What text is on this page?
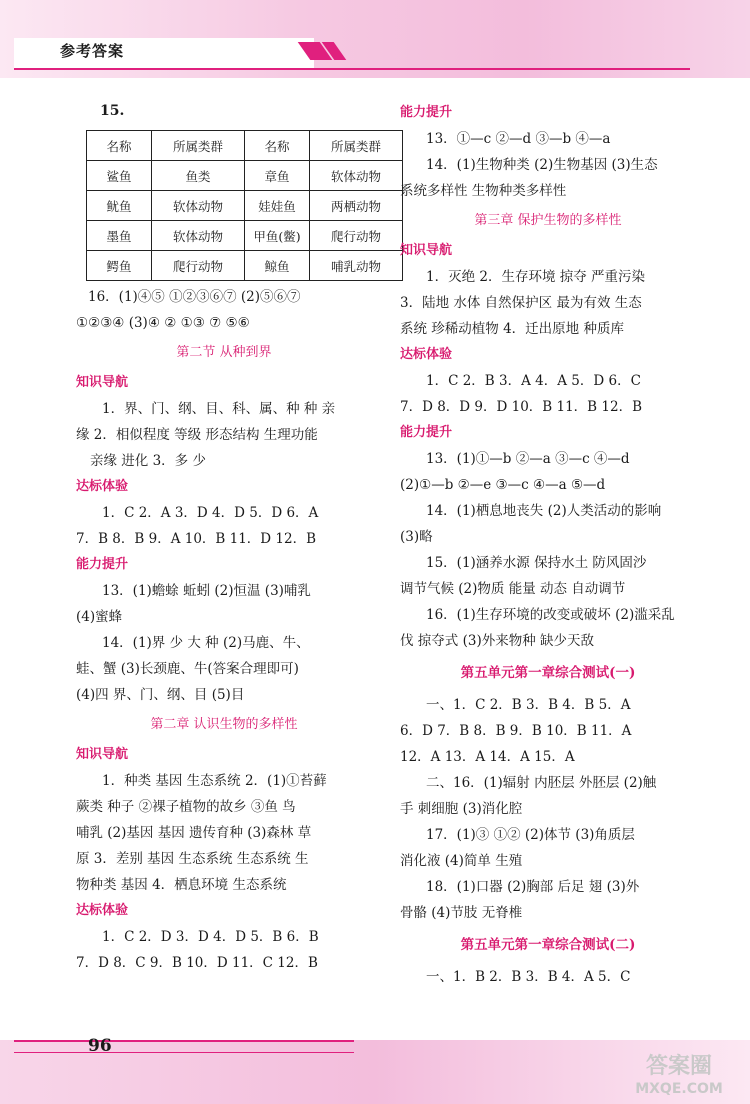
参考答案
15.
名称	所属类群	名称	所属类群
鲨鱼	鱼类	章鱼	软体动物
鱿鱼	软体动物	娃娃鱼	两栖动物
墨鱼	软体动物	甲鱼(鳖)	爬行动物
鳄鱼	爬行动物	鲸鱼	哺乳动物
16．(1)④⑤ ①②③⑥⑦ (2)⑤⑥⑦
①②③④ (3)④ ② ①③ ⑦ ⑤⑥
第二节 从种到界
知识导航
1．界、门、纲、目、科、属、种 种 亲
缘 2．相似程度 等级 形态结构 生理功能
亲缘 进化 3．多 少
达标体验
1．C 2．A 3．D 4．D 5．D 6．A
7．B 8．B 9．A 10．B 11．D 12．B
能力提升
13．(1)蟾蜍 蚯蚓 (2)恒温 (3)哺乳
(4)蜜蜂
14．(1)界 少 大 种 (2)马鹿、牛、
蛙、蟹 (3)长颈鹿、牛(答案合理即可)
(4)四 界、门、纲、目 (5)目
第二章 认识生物的多样性
知识导航
1．种类 基因 生态系统 2．(1)①苔藓
蕨类 种子 ②裸子植物的故乡 ③鱼 鸟
哺乳 (2)基因 基因 遗传育种 (3)森林 草
原 3．差别 基因 生态系统 生态系统 生
物种类 基因 4．栖息环境 生态系统
达标体验
1．C 2．D 3．D 4．D 5．B 6．B
7．D 8．C 9．B 10．D 11．C 12．B
能力提升
13．①—c ②—d ③—b ④—a
14．(1)生物种类 (2)生物基因 (3)生态
系统多样性 生物种类多样性
第三章 保护生物的多样性
知识导航
1．灭绝 2．生存环境 掠夺 严重污染
3．陆地 水体 自然保护区 最为有效 生态
系统 珍稀动植物 4．迁出原地 种质库
达标体验
1．C 2．B 3．A 4．A 5．D 6．C
7．D 8．D 9．D 10．B 11．B 12．B
能力提升
13．(1)①—b ②—a ③—c ④—d
(2)①—b ②—e ③—c ④—a ⑤—d
14．(1)栖息地丧失 (2)人类活动的影响
(3)略
15．(1)涵养水源 保持水土 防风固沙
调节气候 (2)物质 能量 动态 自动调节
16．(1)生存环境的改变或破坏 (2)滥采乱
伐 掠夺式 (3)外来物种 缺少天敌
第五单元第一章综合测试(一)
一、1．C 2．B 3．B 4．B 5．A
6．D 7．B 8．B 9．B 10．B 11．A
12．A 13．A 14．A 15．A
二、16．(1)辐射 内胚层 外胚层 (2)触
手 刺细胞 (3)消化腔
17．(1)③ ①② (2)体节 (3)角质层
消化液 (4)简单 生殖
18．(1)口器 (2)胸部 后足 翅 (3)外
骨骼 (4)节肢 无脊椎
第五单元第一章综合测试(二)
一、1．B 2．B 3．B 4．A 5．C
96
答案圈
MXQE.COM
